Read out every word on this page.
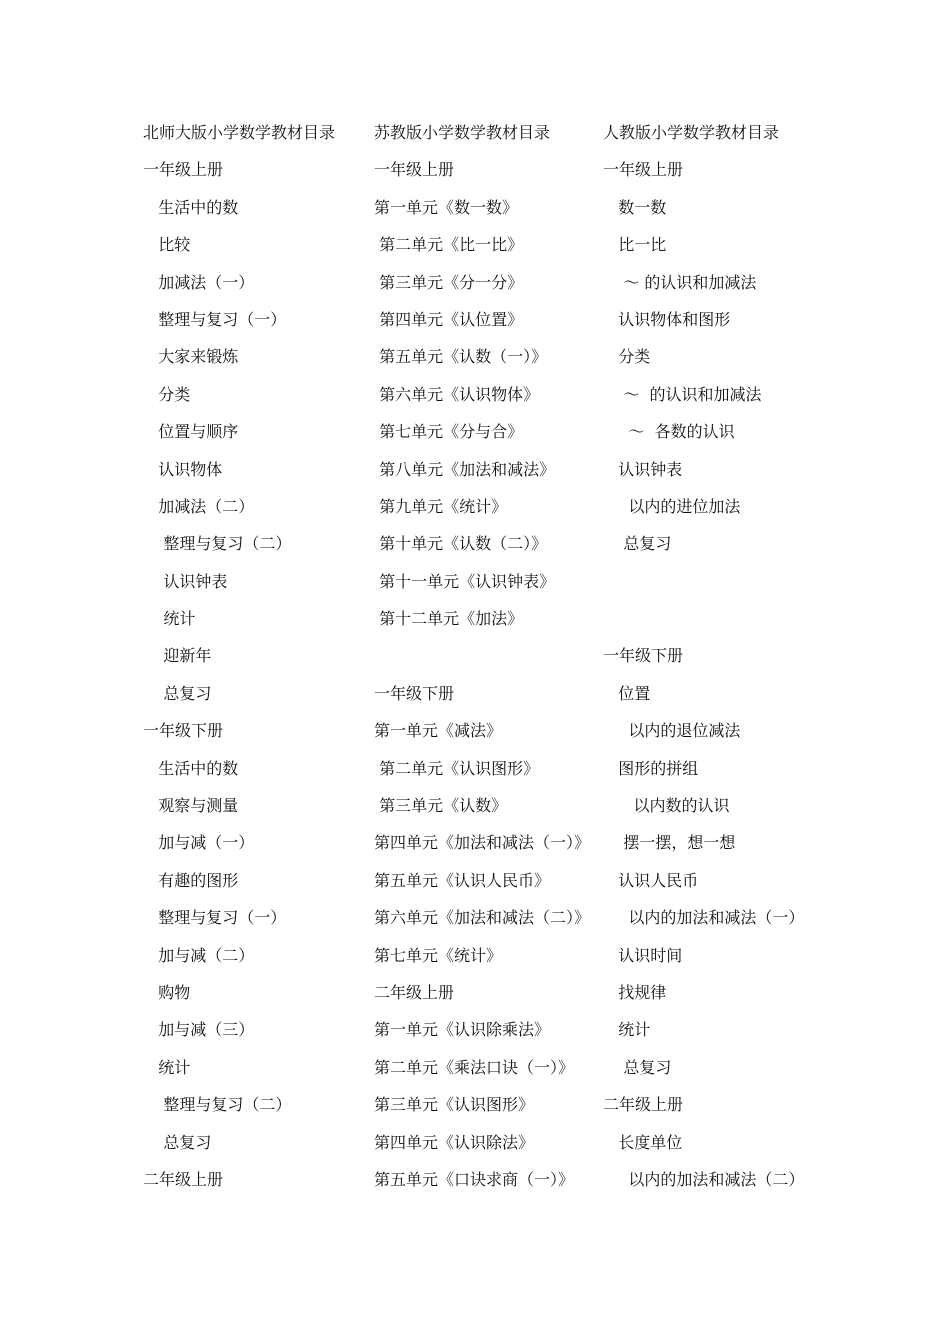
北师大版小学数学教材目录
一年级上册
生活中的数
比较
加减法（一）
整理与复习（一）
大家来锻炼
分类
位置与顺序
认识物体
加减法（二）
整理与复习（二）
认识钟表
统计
迎新年
总复习
一年级下册
生活中的数
观察与测量
加与减（一）
有趣的图形
整理与复习（一）
加与减（二）
购物
加与减（三）
统计
整理与复习（二）
总复习
二年级上册
苏教版小学数学教材目录
一年级上册
第一单元《数一数》
第二单元《比一比》
第三单元《分一分》
第四单元《认位置》
第五单元《认数（一）》
第六单元《认识物体》
第七单元《分与合》
第八单元《加法和减法》
第九单元《统计》
第十单元《认数（二）》
第十一单元《认识钟表》
第十二单元《加法》
一年级下册
第一单元《减法》
第二单元《认识图形》
第三单元《认数》
第四单元《加法和减法（一）》
第五单元《认识人民币》
第六单元《加法和减法（二）》
第七单元《统计》
二年级上册
第一单元《认识除乘法》
第二单元《乘法口诀（一）》
第三单元《认识图形》
第四单元《认识除法》
第五单元《口诀求商（一）》
人教版小学数学教材目录
一年级上册
数一数
比一比
～ 的认识和加减法
认识物体和图形
分类
～  的认识和加减法
～  各数的认识
认识钟表
以内的进位加法
总复习
一年级下册
位置
以内的退位减法
图形的拼组
以内数的认识
摆一摆，想一想
认识人民币
以内的加法和减法（一）
认识时间
找规律
统计
总复习
二年级上册
长度单位
以内的加法和减法（二）
